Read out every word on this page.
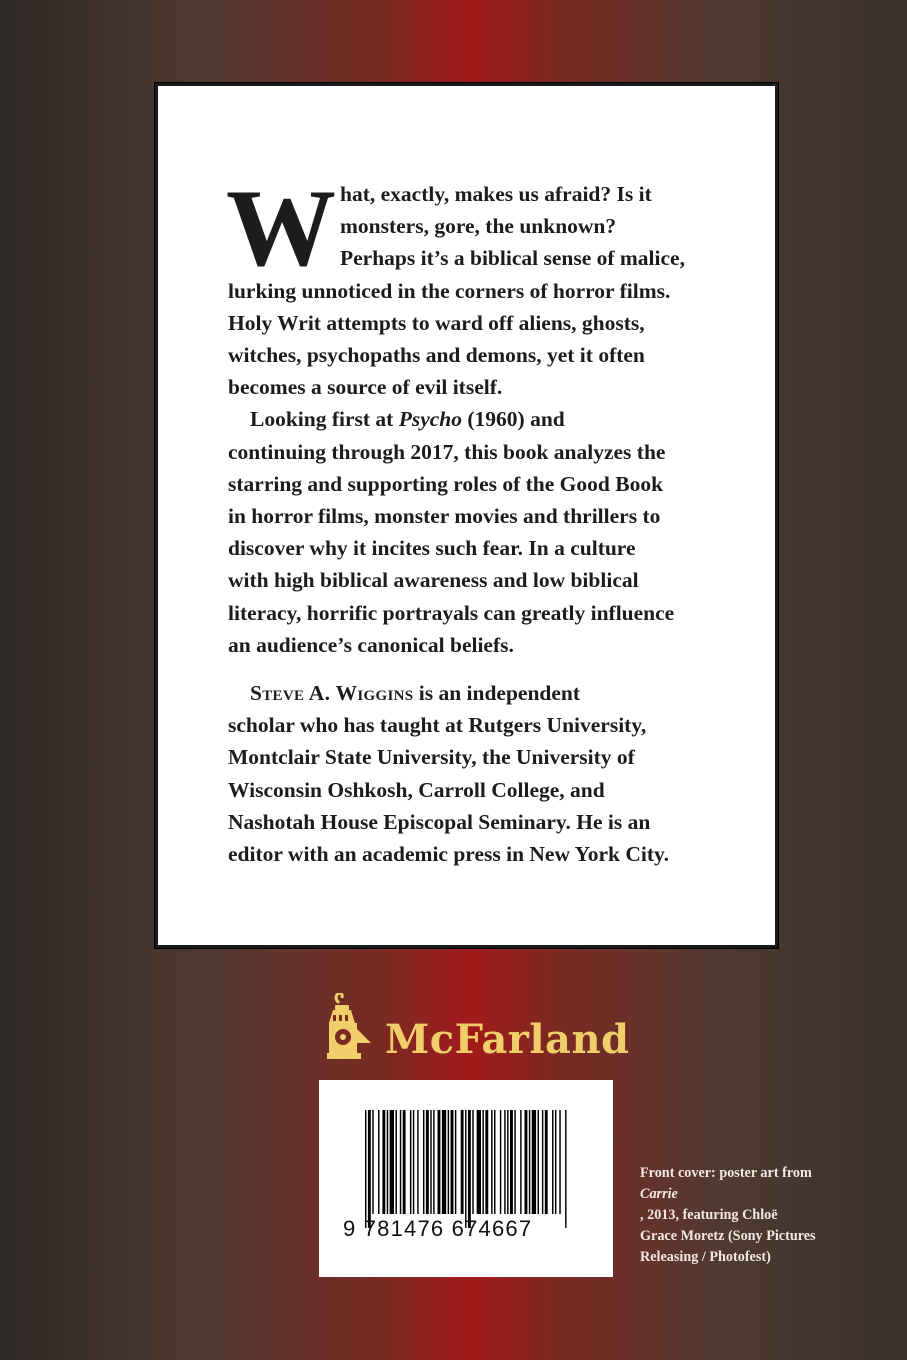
W hat, exactly, makes us afraid? Is it
monsters, gore, the unknown?
Perhaps it’s a biblical sense of malice,
lurking unnoticed in the corners of horror films.
Holy Writ attempts to ward off aliens, ghosts,
witches, psychopaths and demons, yet it often
becomes a source of evil itself.

Looking first at Psycho (1960) and
continuing through 2017, this book analyzes the
starring and supporting roles of the Good Book
in horror films, monster movies and thrillers to
discover why it incites such fear. In a culture
with high biblical awareness and low biblical
literacy, horrific portrayals can greatly influence
an audience’s canonical beliefs.

Steve A. Wiggins is an independent
scholar who has taught at Rutgers University,
Montclair State University, the University of
Wisconsin Oshkosh, Carroll College, and
Nashotah House Episcopal Seminary. He is an
editor with an academic press in New York City.

McFarland
9 781476 674667
Front cover: poster art from
Carrie
, 2013, featuring Chloë
Grace Moretz (Sony Pictures
Releasing / Photofest)
